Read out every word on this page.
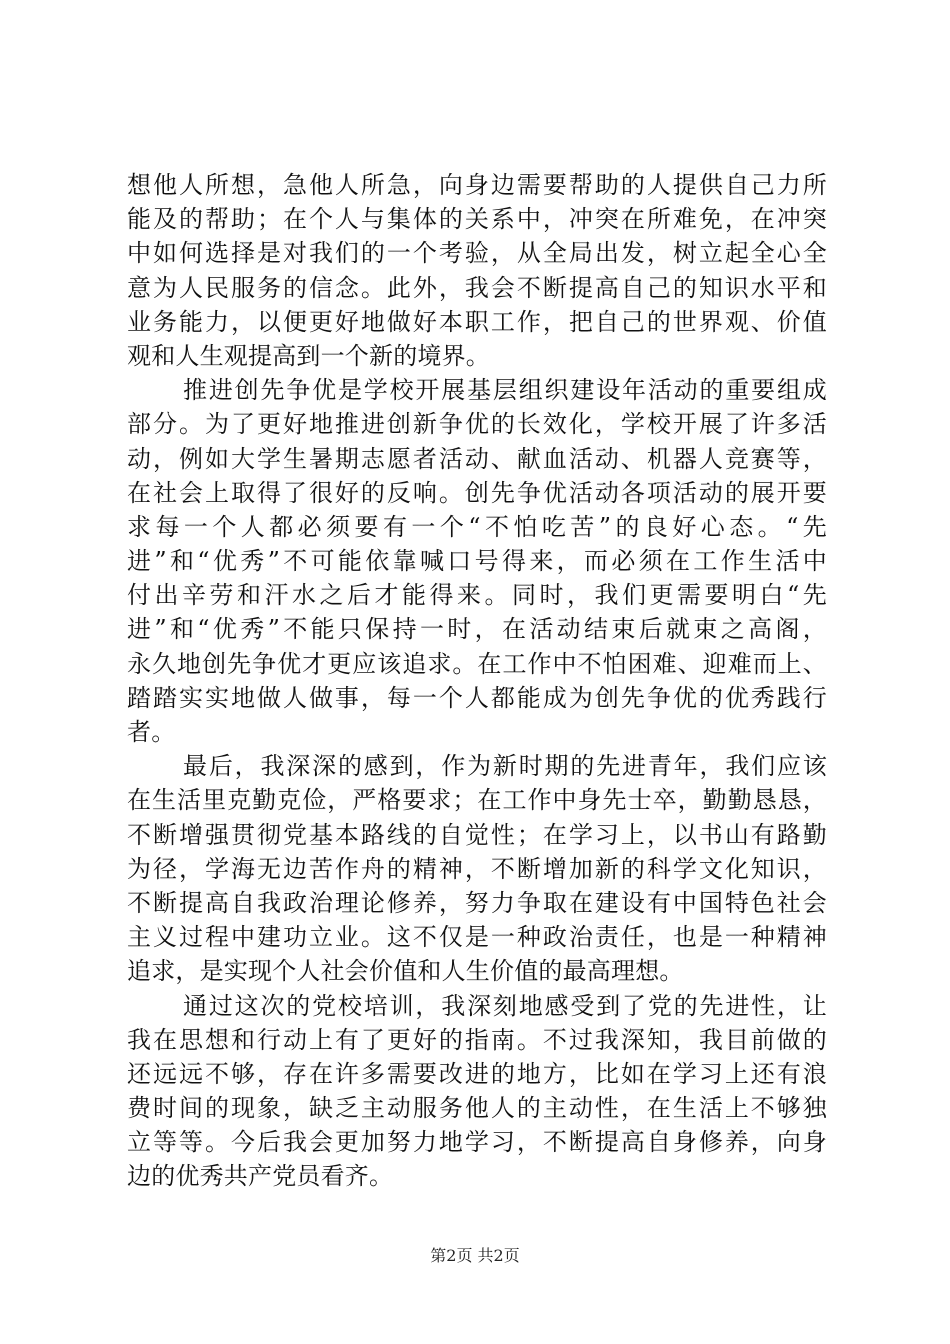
想他人所想，急他人所急，向身边需要帮助的人提供自己力所
能及的帮助；在个人与集体的关系中，冲突在所难免，在冲突
中如何选择是对我们的一个考验，从全局出发，树立起全心全
意为人民服务的信念。此外，我会不断提高自己的知识水平和
业务能力，以便更好地做好本职工作，把自己的世界观、价值
观和人生观提高到一个新的境界。
推进创先争优是学校开展基层组织建设年活动的重要组成
部分。为了更好地推进创新争优的长效化，学校开展了许多活
动，例如大学生暑期志愿者活动、献血活动、机器人竞赛等，
在社会上取得了很好的反响。创先争优活动各项活动的展开要
求每一个人都必须要有一个“不怕吃苦”的良好心态。“先
进”和“优秀”不可能依靠喊口号得来，而必须在工作生活中
付出辛劳和汗水之后才能得来。同时，我们更需要明白“先
进”和“优秀”不能只保持一时，在活动结束后就束之高阁，
永久地创先争优才更应该追求。在工作中不怕困难、迎难而上、
踏踏实实地做人做事，每一个人都能成为创先争优的优秀践行
者。
最后，我深深的感到，作为新时期的先进青年，我们应该
在生活里克勤克俭，严格要求；在工作中身先士卒，勤勤恳恳，
不断增强贯彻党基本路线的自觉性；在学习上，以书山有路勤
为径，学海无边苦作舟的精神，不断增加新的科学文化知识，
不断提高自我政治理论修养，努力争取在建设有中国特色社会
主义过程中建功立业。这不仅是一种政治责任，也是一种精神
追求，是实现个人社会价值和人生价值的最高理想。
通过这次的党校培训，我深刻地感受到了党的先进性，让
我在思想和行动上有了更好的指南。不过我深知，我目前做的
还远远不够，存在许多需要改进的地方，比如在学习上还有浪
费时间的现象，缺乏主动服务他人的主动性，在生活上不够独
立等等。今后我会更加努力地学习，不断提高自身修养，向身
边的优秀共产党员看齐。
第2页 共2页
